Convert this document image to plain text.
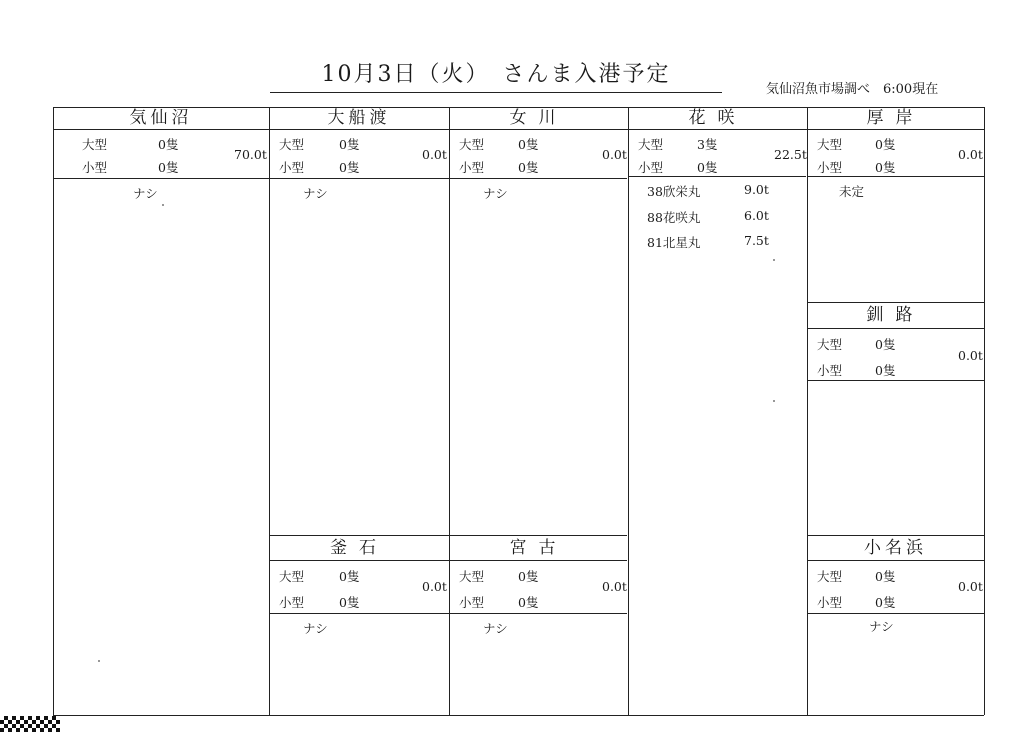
10月3日（火）　さんま入港予定
気仙沼魚市場調べ　6:00現在
気仙沼
大型	0隻
小型	0隻
70.0t
ナシ
大船渡
大型	0隻
小型	0隻
0.0t
ナシ
女川
大型	0隻
小型	0隻
0.0t
ナシ
花咲
大型	3隻
小型	0隻
22.5t
38欣栄丸	9.0t
88花咲丸	6.0t
81北星丸	7.5t
厚岸
大型	0隻
小型	0隻
0.0t
未定
釧路
大型	0隻
小型	0隻
0.0t
釜石
大型	0隻
小型	0隻
0.0t
ナシ
宮古
大型	0隻
小型	0隻
0.0t
ナシ
小名浜
大型	0隻
小型	0隻
0.0t
ナシ
